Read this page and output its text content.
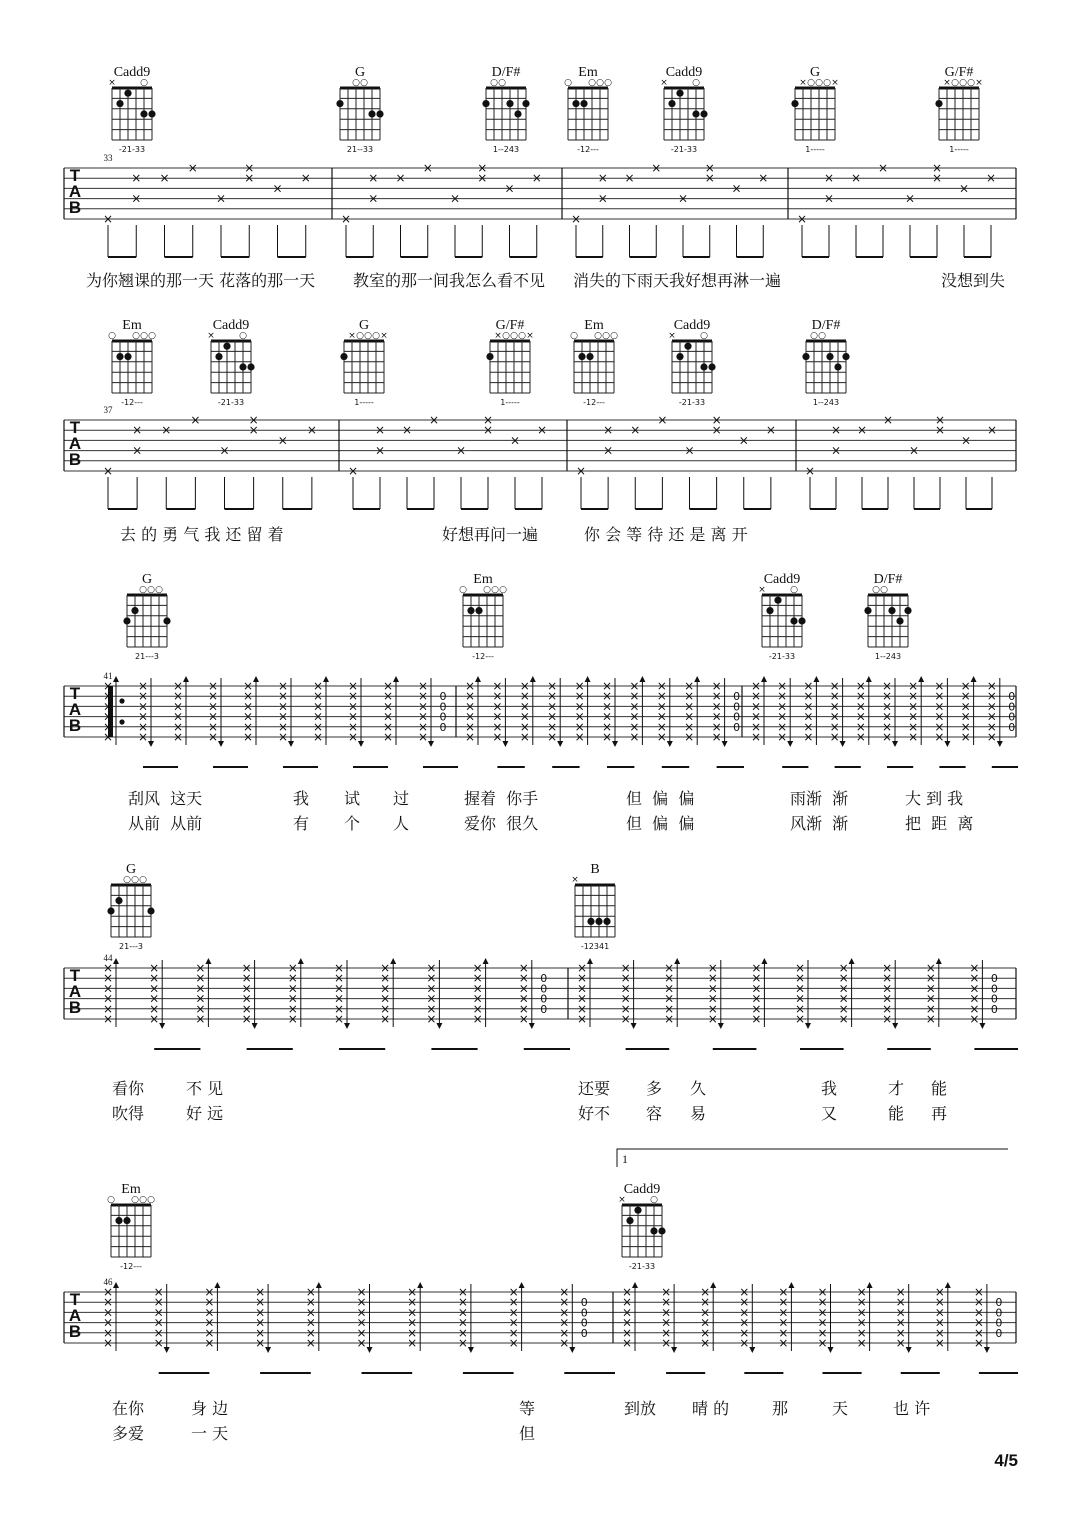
T
A
B
33
Cadd9
×	○
-21-33
G
○ ○
21--33
D/F#
○ ○
1--243
Em
○ ○ ○ ○
-12---
Cadd9
×	○
-21-33
G
× ○ ○ ○ ×
1-----
G/F#
× ○ ○ ○ ×
1-----
×
×
× ×
×
×
×
×
×
×
×
×
× ×
×
×
×
×
×
×
×
×
× ×
×
×
×
×
×
×
×
×
× ×
×
×
×
×
×
×
T
A
B
37
Em
○ ○ ○ ○
-12---
Cadd9
×	○
-21-33
G
× ○ ○ ○ ×
1-----
G/F#
× ○ ○ ○ ×
1-----
Em
○ ○ ○ ○
-12---
Cadd9
×	○
-21-33
D/F#
○ ○
1--243
×
×
× ×
×
×
×
×
×
×
×
×
× ×
×
×
×
×
×
×
×
×
× ×
×
×
×
×
×
×
×
×
× ×
×
×
×
×
×
×
T
A
B
41
G
○ ○ ○
21---3
Em
○ ○ ○ ○
-12---
Cadd9
×	○
-21-33
D/F#
○ ○
1--243
×
×
×
×
×
×
×
×
×
×
×
×
×
×
×
×
×
×
×
×
×
×
×
×
×
×
×
×
×
×
×
×
×
×
×
×
×
×
×
×
×
×
×
×
×
×
×
×
×
×
×
×
×
×
×
×
×
×
×
×
0
0
0
0
×
×
×
×
×
×
×
×
×
×
×
×
×
×
×
×
×
×
×
×
×
×
×
×
×
×
×
×
×
×
×
×
×
×
×
×
×
×
×
×
×
×
×
×
×
×
×
×
×
×
×
×
×
×
×
×
×
×
×
×
0
0
0
0
×
×
×
×
×
×
×
×
×
×
×
×
×
×
×
×
×
×
×
×
×
×
×
×
×
×
×
×
×
×
×
×
×
×
×
×
×
×
×
×
×
×
×
×
×
×
×
×
×
×
×
×
×
×
×
×
×
×
×
×
0
0
0
0
T
A
B
44
G
○ ○ ○
21---3
B
×
-12341
×
×
×
×
×
×
×
×
×
×
×
×
×
×
×
×
×
×
×
×
×
×
×
×
×
×
×
×
×
×
×
×
×
×
×
×
×
×
×
×
×
×
×
×
×
×
×
×
×
×
×
×
×
×
×
×
×
×
×
×
0
0
0
0
×
×
×
×
×
×
×
×
×
×
×
×
×
×
×
×
×
×
×
×
×
×
×
×
×
×
×
×
×
×
×
×
×
×
×
×
×
×
×
×
×
×
×
×
×
×
×
×
×
×
×
×
×
×
×
×
×
×
×
×
0
0
0
0
T
A
B
46
1
Em
○ ○ ○ ○
-12---
Cadd9
×	○
-21-33
×
×
×
×
×
×
×
×
×
×
×
×
×
×
×
×
×
×
×
×
×
×
×
×
×
×
×
×
×
×
×
×
×
×
×
×
×
×
×
×
×
×
×
×
×
×
×
×
×
×
×
×
×
×
×
×
×
×
×
×
0
0
0
0
×
×
×
×
×
×
×
×
×
×
×
×
×
×
×
×
×
×
×
×
×
×
×
×
×
×
×
×
×
×
×
×
×
×
×
×
×
×
×
×
×
×
×
×
×
×
×
×
×
×
×
×
×
×
×
×
×
×
×
×
0
0
0
0
为你翘课的那一天 花落的那一天 教室的那一间我怎么看不见 消失的下雨天我好想再淋一遍	没想到失
去 的 勇 气 我 还 留 着	好想再问一遍	你 会 等 待 还 是 离 开
刮风  这天	我 试 过	握着  你手	但  偏  偏	雨渐  渐	大 到 我
从前  从前	有 个 人	爱你  很久	但  偏  偏	风渐  渐	把  距  离
看你	不 见	还要 多 久	我	才 能
吹得	好 远	好不 容 易	又	能 再
在你	身 边	等	到放 晴 的	那	天	也 许
多爱	一 天	但
4/5
